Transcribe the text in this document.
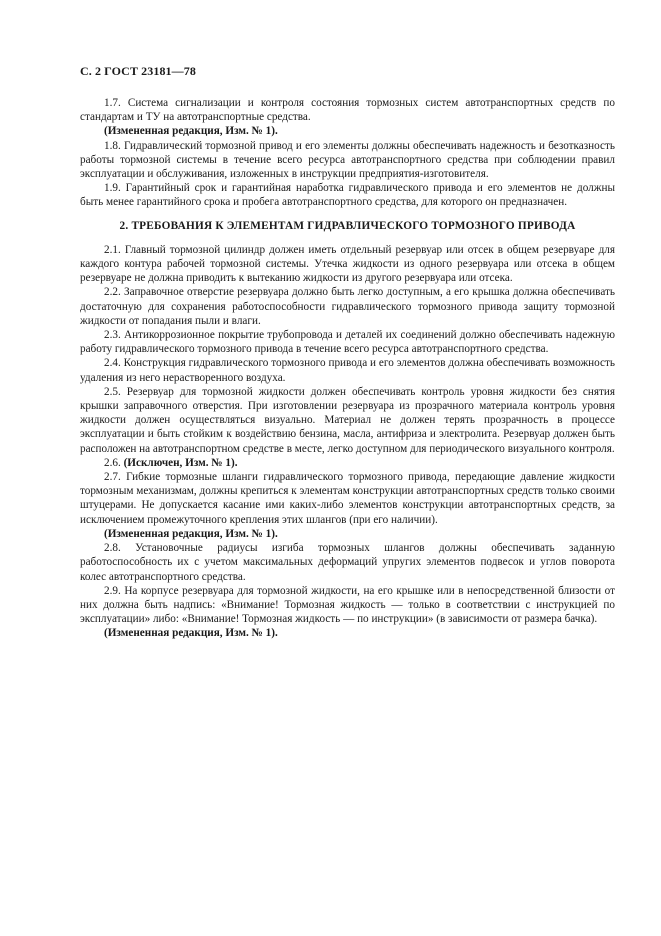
С. 2 ГОСТ 23181—78

1.7. Система сигнализации и контроля состояния тормозных систем автотранспортных средств по стандартам и ТУ на автотранспортные средства.

(Измененная редакция, Изм. № 1).

1.8. Гидравлический тормозной привод и его элементы должны обеспечивать надежность и безотказность работы тормозной системы в течение всего ресурса автотранспортного средства при соблюдении правил эксплуатации и обслуживания, изложенных в инструкции предприятия-изготовителя.

1.9. Гарантийный срок и гарантийная наработка гидравлического привода и его элементов не должны быть менее гарантийного срока и пробега автотранспортного средства, для которого он предназначен.

2. ТРЕБОВАНИЯ К ЭЛЕМЕНТАМ ГИДРАВЛИЧЕСКОГО ТОРМОЗНОГО ПРИВОДА

2.1. Главный тормозной цилиндр должен иметь отдельный резервуар или отсек в общем резервуаре для каждого контура рабочей тормозной системы. Утечка жидкости из одного резервуара или отсека в общем резервуаре не должна приводить к вытеканию жидкости из другого резервуара или отсека.

2.2. Заправочное отверстие резервуара должно быть легко доступным, а его крышка должна обеспечивать достаточную для сохранения работоспособности гидравлического тормозного привода защиту тормозной жидкости от попадания пыли и влаги.

2.3. Антикоррозионное покрытие трубопровода и деталей их соединений должно обеспечивать надежную работу гидравлического тормозного привода в течение всего ресурса автотранспортного средства.

2.4. Конструкция гидравлического тормозного привода и его элементов должна обеспечивать возможность удаления из него нерастворенного воздуха.

2.5. Резервуар для тормозной жидкости должен обеспечивать контроль уровня жидкости без снятия крышки заправочного отверстия. При изготовлении резервуара из прозрачного материала контроль уровня жидкости должен осуществляться визуально. Материал не должен терять прозрачность в процессе эксплуатации и быть стойким к воздействию бензина, масла, антифриза и электролита. Резервуар должен быть расположен на автотранспортном средстве в месте, легко доступном для периодического визуального контроля.

2.6. (Исключен, Изм. № 1).

2.7. Гибкие тормозные шланги гидравлического тормозного привода, передающие давление жидкости тормозным механизмам, должны крепиться к элементам конструкции автотранспортных средств только своими штуцерами. Не допускается касание ими каких-либо элементов конструкции автотранспортных средств, за исключением промежуточного крепления этих шлангов (при его наличии).

(Измененная редакция, Изм. № 1).

2.8. Установочные радиусы изгиба тормозных шлангов должны обеспечивать заданную работоспособность их с учетом максимальных деформаций упругих элементов подвесок и углов поворота колес автотранспортного средства.

2.9. На корпусе резервуара для тормозной жидкости, на его крышке или в непосредственной близости от них должна быть надпись: «Внимание! Тормозная жидкость — только в соответствии с инструкцией по эксплуатации» либо: «Внимание! Тормозная жидкость — по инструкции» (в зависимости от размера бачка).

(Измененная редакция, Изм. № 1).
